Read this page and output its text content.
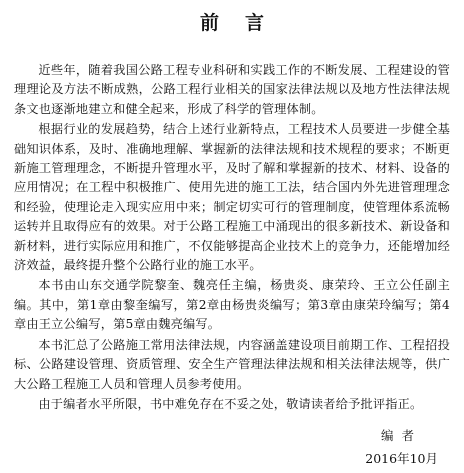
前言

近些年，随着我国公路工程专业科研和实践工作的不断发展、工程建设的管理理论及方法不断成熟，公路工程行业相关的国家法律法规以及地方性法律法规条文也逐渐地建立和健全起来，形成了科学的管理体制。

根据行业的发展趋势，结合上述行业新特点，工程技术人员要进一步健全基础知识体系，及时、准确地理解、掌握新的法律法规和技术规程的要求；不断更新施工管理理念，不断提升管理水平，及时了解和掌握新的技术、材料、设备的应用情况；在工程中积极推广、使用先进的施工工法，结合国内外先进管理理念和经验，使理论走入现实应用中来；制定切实可行的管理制度，使管理体系流畅运转并且取得应有的效果。对于公路工程施工中涌现出的很多新技术、新设备和新材料，进行实际应用和推广，不仅能够提高企业技术上的竞争力，还能增加经济效益，最终提升整个公路行业的施工水平。

本书由山东交通学院黎奎、魏亮任主编，杨贵炎、康荣玲、王立公任副主编。其中，第1章由黎奎编写，第2章由杨贵炎编写；第3章由康荣玲编写；第4章由王立公编写，第5章由魏亮编写。

本书汇总了公路施工常用法律法规，内容涵盖建设项目前期工作、工程招投标、公路建设管理、资质管理、安全生产管理法律法规和相关法律法规等，供广大公路工程施工人员和管理人员参考使用。

由于编者水平所限，书中难免存在不妥之处，敬请读者给予批评指正。

编者
2016年10月
